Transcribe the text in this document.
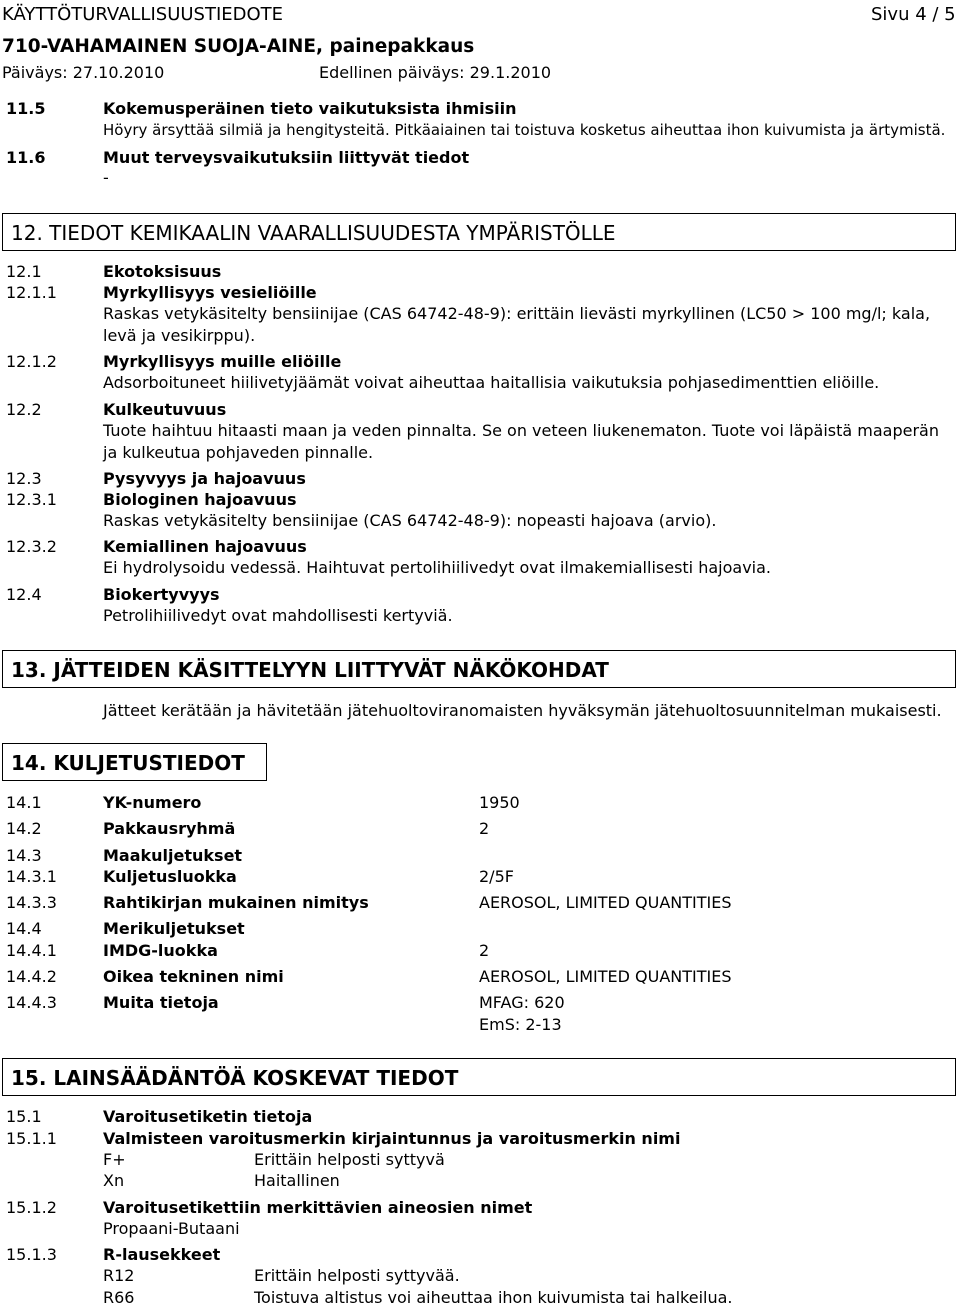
KÄYTTÖTURVALLISUUSTIEDOTE	Sivu 4 / 5
710-VAHAMAINEN SUOJA-AINE, painepakkaus
Päiväys: 27.10.2010	Edellinen päiväys: 29.1.2010
11.5	Kokemusperäinen tieto vaikutuksista ihmisiin
Höyry ärsyttää silmiä ja hengitysteitä. Pitkäaiainen tai toistuva kosketus aiheuttaa ihon kuivumista ja ärtymistä.
11.6	Muut terveysvaikutuksiin liittyvät tiedot
-
12. TIEDOT KEMIKAALIN VAARALLISUUDESTA YMPÄRISTÖLLE
12.1	Ekotoksisuus
12.1.1	Myrkyllisyys vesieliöille
Raskas vetykäsitelty bensiinijae (CAS 64742-48-9): erittäin lievästi myrkyllinen (LC50 > 100 mg/l; kala, levä ja vesikirppu).
12.1.2	Myrkyllisyys muille eliöille
Adsorboituneet hiilivetyjäämät voivat aiheuttaa haitallisia vaikutuksia pohjasedimenttien eliöille.
12.2	Kulkeutuvuus
Tuote haihtuu hitaasti maan ja veden pinnalta. Se on veteen liukenematon. Tuote voi läpäistä maaperän ja kulkeutua pohjaveden pinnalle.
12.3	Pysyvyys ja hajoavuus
12.3.1	Biologinen hajoavuus
Raskas vetykäsitelty bensiinijae (CAS 64742-48-9): nopeasti hajoava (arvio).
12.3.2	Kemiallinen hajoavuus
Ei hydrolysoidu vedessä. Haihtuvat pertolihiilivedyt ovat ilmakemiallisesti hajoavia.
12.4	Biokertyvyys
Petrolihiilivedyt ovat mahdollisesti kertyviä.
13. JÄTTEIDEN KÄSITTELYYN LIITTYVÄT NÄKÖKOHDAT
Jätteet kerätään ja hävitetään jätehuoltoviranomaisten hyväksymän jätehuoltosuunnitelman mukaisesti.
14. KULJETUSTIEDOT
14.1	YK-numero	1950
14.2	Pakkausryhmä	2
14.3	Maakuljetukset
14.3.1	Kuljetusluokka	2/5F
14.3.3	Rahtikirjan mukainen nimitys	AEROSOL, LIMITED QUANTITIES
14.4	Merikuljetukset
14.4.1	IMDG-luokka	2
14.4.2	Oikea tekninen nimi	AEROSOL, LIMITED QUANTITIES
14.4.3	Muita tietoja	MFAG: 620
EmS: 2-13
15. LAINSÄÄDÄNTÖÄ KOSKEVAT TIEDOT
15.1	Varoitusetiketin tietoja
15.1.1	Valmisteen varoitusmerkin kirjaintunnus ja varoitusmerkin nimi
F+	Erittäin helposti syttyvä
Xn	Haitallinen
15.1.2	Varoitusetikettiin merkittävien aineosien nimet
Propaani-Butaani
15.1.3	R-lausekkeet
R12	Erittäin helposti syttyvää.
R66	Toistuva altistus voi aiheuttaa ihon kuivumista tai halkeilua.
